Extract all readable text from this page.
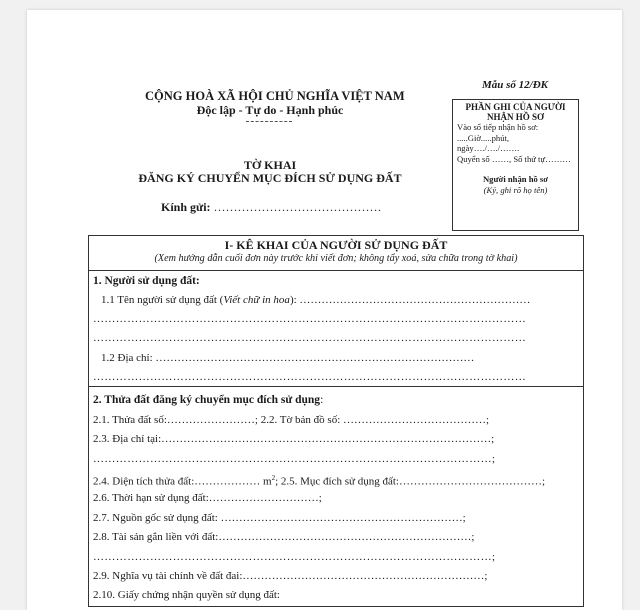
Mẫu số 12/ĐK
CỘNG HOÀ XÃ HỘI CHỦ NGHĨA VIỆT NAM
Độc lập - Tự do - Hạnh phúc
TỜ KHAI
ĐĂNG KÝ CHUYỂN MỤC ĐÍCH SỬ DỤNG ĐẤT
Kính gửi: ……………………………………
PHẦN GHI CỦA NGƯỜI NHẬN HỒ SƠ
Vào sổ tiếp nhận hồ sơ:
.....Giờ.....phút,
ngày…./…./…….
Quyển số ……, Số thứ tự………
Người nhận hồ sơ
(Ký, ghi rõ họ tên)
I- KÊ KHAI CỦA NGƯỜI SỬ DỤNG ĐẤT
(Xem hướng dẫn cuối đơn này trước khi viết đơn; không tẩy xoá, sửa chữa trong tờ khai)
1. Người sử dụng đất:
1.1 Tên người sử dụng đất (Viết chữ in hoa): ………………………………………………………
……………………………………………………………………………………………………
……………………………………………………………………………………………………
1.2 Địa chỉ: ……………………………………………………………………………
……………………………………………………………………………………………………
2. Thửa đất đăng ký chuyển mục đích sử dụng:
2.1. Thửa đất số:……………………; 2.2. Tờ bản đồ số: …………………………………;
2.3. Địa chỉ tại:………………………………………………………………………………;
……………………………………………………………………………………………;
2.4. Diện tích thửa đất:……………… $m^2$; 2.5. Mục đích sử dụng đất:…………………………………;
2.6. Thời hạn sử dụng đất:…………………………;
2.7. Nguồn gốc sử dụng đất: …………………………………………………………;
2.8. Tài sản gắn liền với đất:……………………………………………………………;
……………………………………………………………………………………………;
2.9. Nghĩa vụ tài chính về đất đai:…………………………………………………………;
2.10. Giấy chứng nhận quyền sử dụng đất:
